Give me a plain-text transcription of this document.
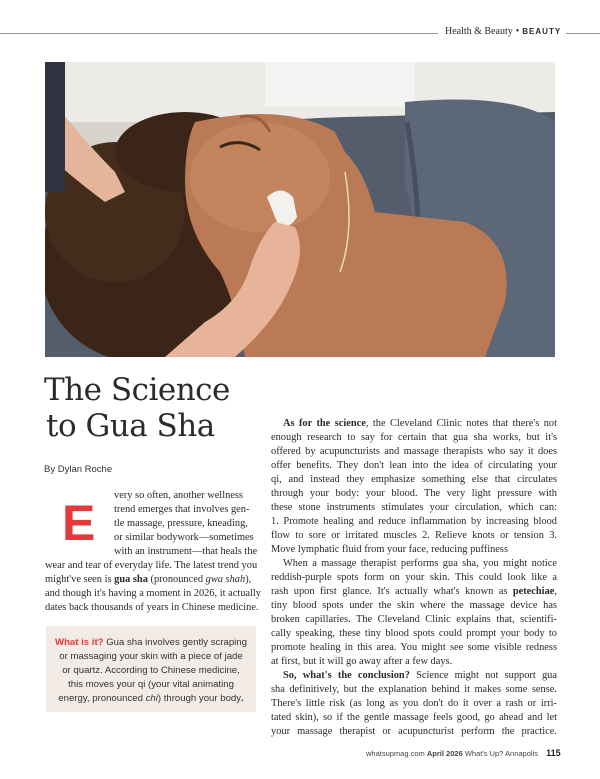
Health & Beauty • BEAUTY
The Science
to Gua Sha
By Dylan Roche
E	very so often, another wellness
trend emerges that involves gen-
tle massage, pressure, kneading,
or similar bodywork—sometimes
with an instrument—that heals the
wear and tear of everyday life. The latest trend you
might've seen is gua sha (pronounced gwa shah),
and though it's having a moment in 2026, it actually
dates back thousands of years in Chinese medicine.
What is it? Gua sha involves gently scraping
or massaging your skin with a piece of jade
or quartz. According to Chinese medicine,
this moves your qi (your vital animating
energy, pronounced chi) through your body.
As for the science, the Cleveland Clinic notes that there's not
enough research to say for certain that gua sha works, but it's
offered by acupuncturists and massage therapists who say it does
offer benefits. They don't lean into the idea of circulating your
qi, and instead they emphasize something else that circulates
through your body: your blood. The very light pressure with
these stone instruments stimulates your circulation, which can:
1. Promote healing and reduce inflammation by increasing blood
flow to sore or irritated muscles 2. Relieve knots or tension 3.
Move lymphatic fluid from your face, reducing puffiness
When a massage therapist performs gua sha, you might notice
reddish-purple spots form on your skin. This could look like a
rash upon first glance. It's actually what's known as petechiae,
tiny blood spots under the skin where the massage device has
broken capillaries. The Cleveland Clinic explains that, scientifi-
cally speaking, these tiny blood spots could prompt your body to
promote healing in this area. You might see some visible redness
at first, but it will go away after a few days.
So, what's the conclusion? Science might not support gua
sha definitively, but the explanation behind it makes some sense.
There's little risk (as long as you don't do it over a rash or irri-
tated skin), so if the gentle massage feels good, go ahead and let
your massage therapist or acupuncturist perform the practice.
whatsupmag.com April 2026 What's Up? Annapolis 115
